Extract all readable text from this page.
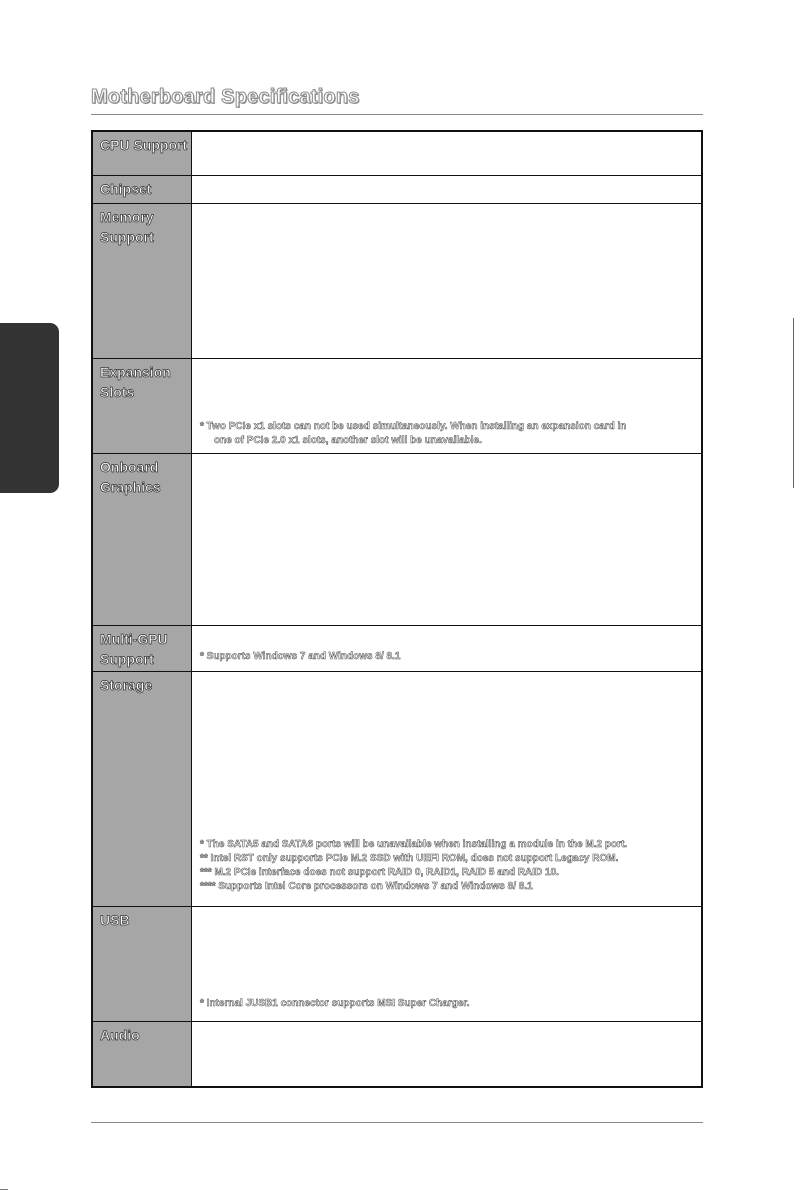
Motherboard Specifications
CPU Support
Chipset
Memory Support
Expansion Slots
* Two PCIe x1 slots can not be used simultaneously. When installing an expansion card in
one of PCIe 2.0 x1 slots, another slot will be unavailable.
Onboard Graphics
Multi-GPU Support	* Supports Windows 7 and Windows 8/ 8.1
Storage
* The SATA5 and SATA6 ports will be unavailable when installing a module in the M.2 port.
** Intel RST only supports PCIe M.2 SSD with UEFI ROM, does not support Legacy ROM.
*** M.2 PCIe interface does not support RAID 0, RAID1, RAID 5 and RAID 10.
**** Supports Intel Core processors on Windows 7 and Windows 8/ 8.1
USB
* Internal JUSB1 connector supports MSI Super Charger.
Audio
